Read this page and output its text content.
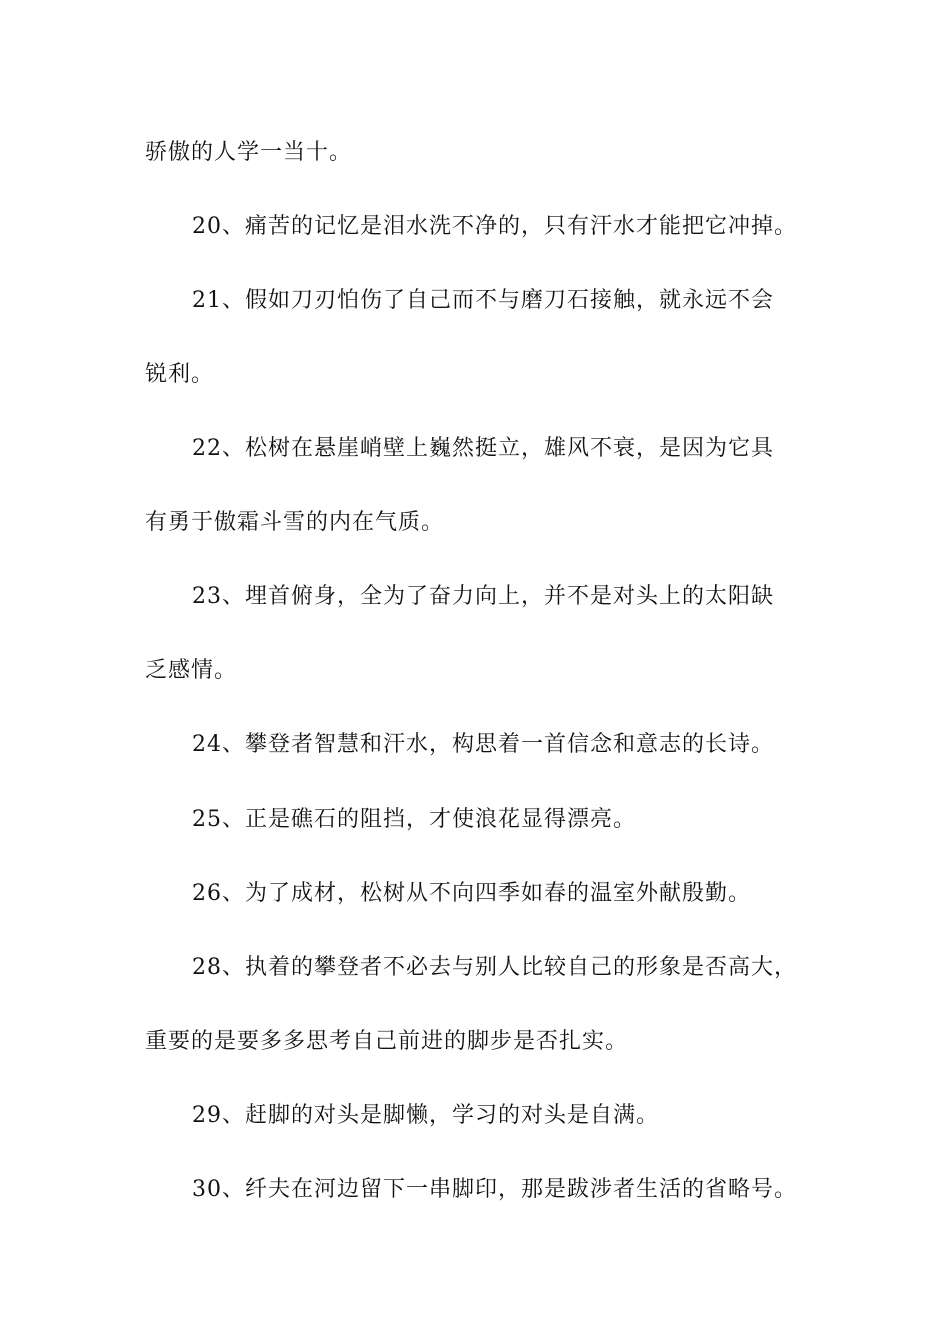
骄傲的人学一当十。
20、痛苦的记忆是泪水洗不净的，只有汗水才能把它冲掉。
21、假如刀刃怕伤了自己而不与磨刀石接触，就永远不会
锐利。
22、松树在悬崖峭壁上巍然挺立，雄风不衰，是因为它具
有勇于傲霜斗雪的内在气质。
23、埋首俯身，全为了奋力向上，并不是对头上的太阳缺
乏感情。
24、攀登者智慧和汗水，构思着一首信念和意志的长诗。
25、正是礁石的阻挡，才使浪花显得漂亮。
26、为了成材，松树从不向四季如春的温室外献殷勤。
28、执着的攀登者不必去与别人比较自己的形象是否高大，
重要的是要多多思考自己前进的脚步是否扎实。
29、赶脚的对头是脚懒，学习的对头是自满。
30、纤夫在河边留下一串脚印，那是跋涉者生活的省略号。
